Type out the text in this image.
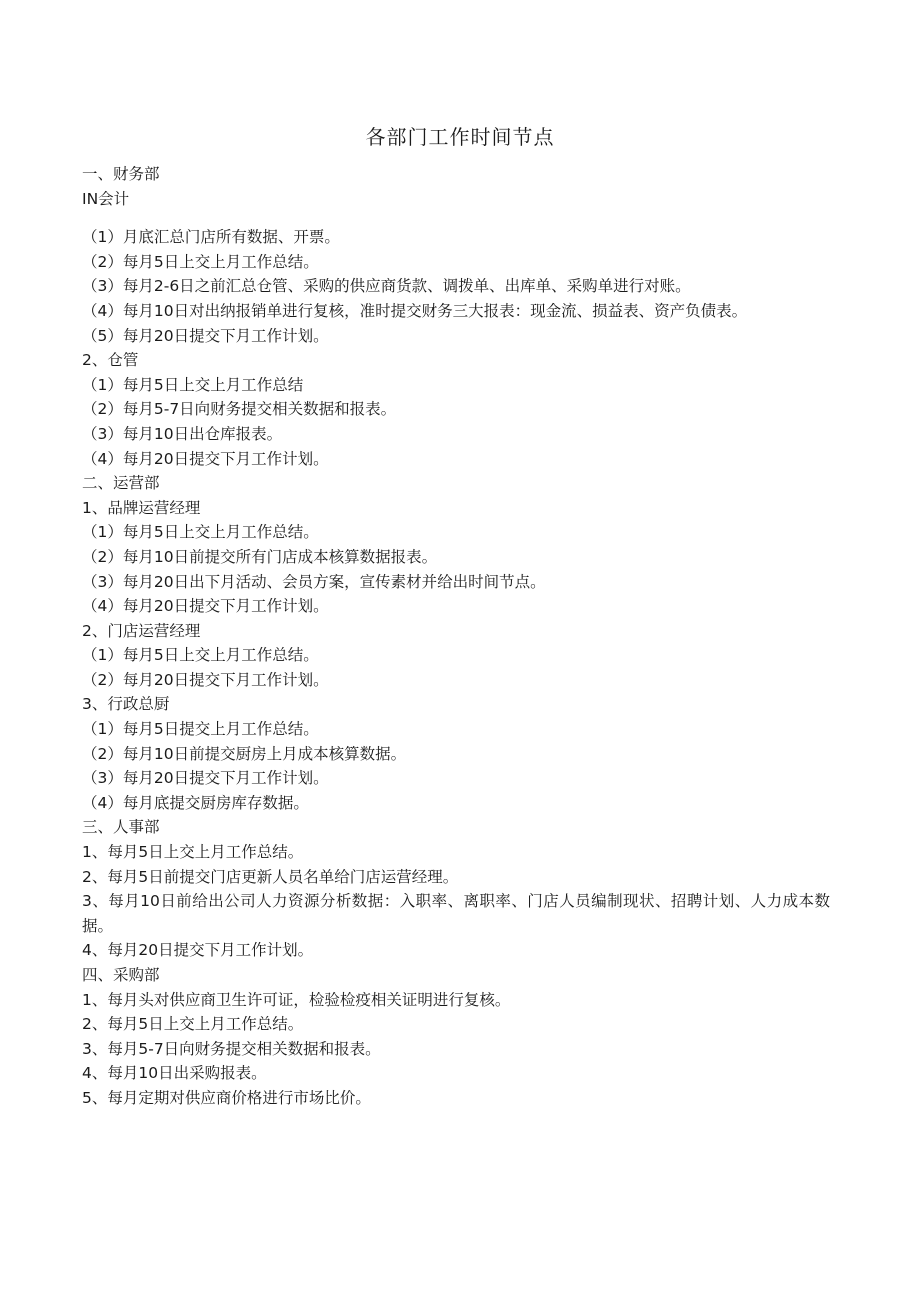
各部门工作时间节点
一、财务部
IN会计
（1）月底汇总门店所有数据、开票。
（2）每月5日上交上月工作总结。
（3）每月2-6日之前汇总仓管、采购的供应商货款、调拨单、出库单、采购单进行对账。
（4）每月10日对出纳报销单进行复核，准时提交财务三大报表：现金流、损益表、资产负债表。
（5）每月20日提交下月工作计划。
2、仓管
（1）每月5日上交上月工作总结
（2）每月5-7日向财务提交相关数据和报表。
（3）每月10日出仓库报表。
（4）每月20日提交下月工作计划。
二、运营部
1、品牌运营经理
（1）每月5日上交上月工作总结。
（2）每月10日前提交所有门店成本核算数据报表。
（3）每月20日出下月活动、会员方案，宣传素材并给出时间节点。
（4）每月20日提交下月工作计划。
2、门店运营经理
（1）每月5日上交上月工作总结。
（2）每月20日提交下月工作计划。
3、行政总厨
（1）每月5日提交上月工作总结。
（2）每月10日前提交厨房上月成本核算数据。
（3）每月20日提交下月工作计划。
（4）每月底提交厨房库存数据。
三、人事部
1、每月5日上交上月工作总结。
2、每月5日前提交门店更新人员名单给门店运营经理。
3、每月10日前给出公司人力资源分析数据：入职率、离职率、门店人员编制现状、招聘计划、人力成本数据。
4、每月20日提交下月工作计划。
四、采购部
1、每月头对供应商卫生许可证，检验检疫相关证明进行复核。
2、每月5日上交上月工作总结。
3、每月5-7日向财务提交相关数据和报表。
4、每月10日出采购报表。
5、每月定期对供应商价格进行市场比价。
